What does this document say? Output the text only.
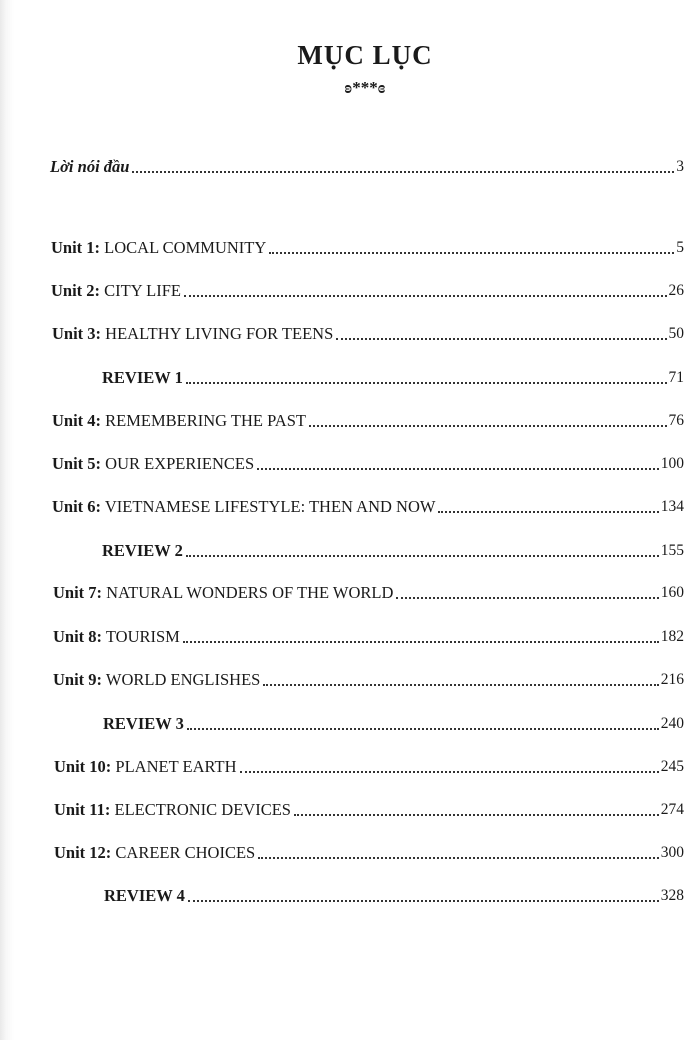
MỤC LỤC
ʚ***ɞ
Lời nói đầu	3
Unit 1: LOCAL COMMUNITY	5
Unit 2: CITY LIFE	26
Unit 3: HEALTHY LIVING FOR TEENS	50
REVIEW 1	71
Unit 4: REMEMBERING THE PAST	76
Unit 5: OUR EXPERIENCES	100
Unit 6: VIETNAMESE LIFESTYLE: THEN AND NOW	134
REVIEW 2	155
Unit 7: NATURAL WONDERS OF THE WORLD	160
Unit 8: TOURISM	182
Unit 9: WORLD ENGLISHES	216
REVIEW 3	240
Unit 10: PLANET EARTH	245
Unit 11: ELECTRONIC DEVICES	274
Unit 12: CAREER CHOICES	300
REVIEW 4	328
